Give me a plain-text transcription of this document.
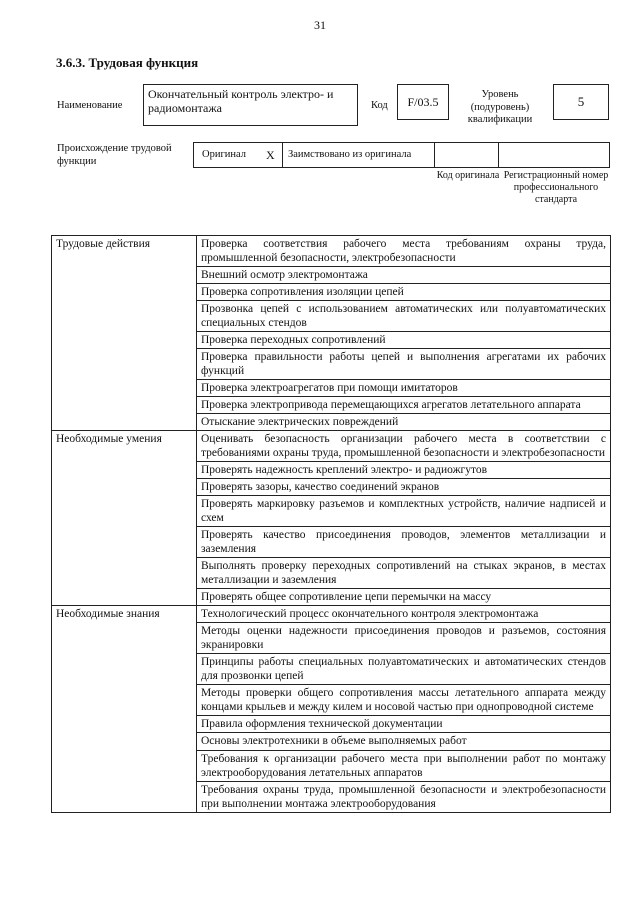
31
3.6.3. Трудовая функция
Наименование
Окончательный контроль электро- и радиомонтажа	Код	F/03.5
Уровень (подуровень) квалификации
5
Происхождение трудовой функции
Оригинал X Заимствовано из оригинала
Код оригинала Регистрационный номер профессионального стандарта
Трудовые действия	Проверка соответствия рабочего места требованиям охраны труда, промышленной безопасности, электробезопасности
	Внешний осмотр электромонтажа
	Проверка сопротивления изоляции цепей
	Прозвонка цепей с использованием автоматических или полуавтоматических специальных стендов
	Проверка переходных сопротивлений
	Проверка правильности работы цепей и выполнения агрегатами их рабочих функций
	Проверка электроагрегатов при помощи имитаторов
	Проверка электропривода перемещающихся агрегатов летательного аппарата
	Отыскание электрических повреждений
Необходимые умения	Оценивать безопасность организации рабочего места в соответствии с требованиями охраны труда, промышленной безопасности и электробезопасности
	Проверять надежность креплений электро- и радиожгутов
	Проверять зазоры, качество соединений экранов
	Проверять маркировку разъемов и комплектных устройств, наличие надписей и схем
	Проверять качество присоединения проводов, элементов металлизации и заземления
	Выполнять проверку переходных сопротивлений на стыках экранов, в местах металлизации и заземления
	Проверять общее сопротивление цепи перемычки на массу
Необходимые знания	Технологический процесс окончательного контроля электромонтажа
	Методы оценки надежности присоединения проводов и разъемов, состояния экранировки
	Принципы работы специальных полуавтоматических и автоматических стендов для прозвонки цепей
	Методы проверки общего сопротивления массы летательного аппарата между концами крыльев и между килем и носовой частью при однопроводной системе
	Правила оформления технической документации
	Основы электротехники в объеме выполняемых работ
	Требования к организации рабочего места при выполнении работ по монтажу электрооборудования летательных аппаратов
	Требования охраны труда, промышленной безопасности и электробезопасности при выполнении монтажа электрооборудования
